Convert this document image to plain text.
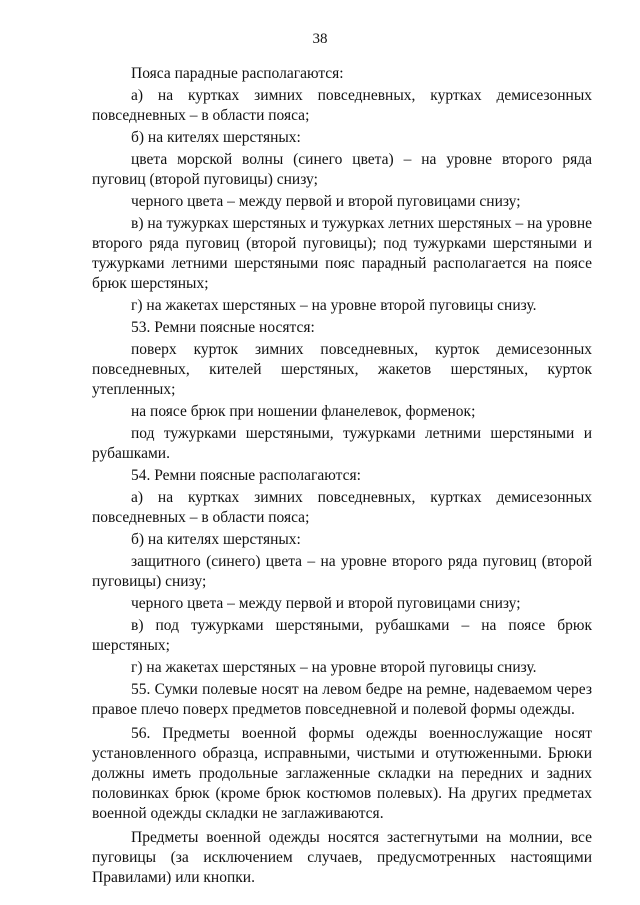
38

Пояса парадные располагаются:

а) на куртках зимних повседневных, куртках демисезонных повседневных – в области пояса;

б) на кителях шерстяных:

цвета морской волны (синего цвета) – на уровне второго ряда пуговиц (второй пуговицы) снизу;

черного цвета – между первой и второй пуговицами снизу;

в) на тужурках шерстяных и тужурках летних шерстяных – на уровне второго ряда пуговиц (второй пуговицы); под тужурками шерстяными и тужурками летними шерстяными пояс парадный располагается на поясе брюк шерстяных;

г) на жакетах шерстяных – на уровне второй пуговицы снизу.

53. Ремни поясные носятся:

поверх курток зимних повседневных, курток демисезонных повседневных, кителей шерстяных, жакетов шерстяных, курток утепленных;

на поясе брюк при ношении фланелевок, форменок;

под тужурками шерстяными, тужурками летними шерстяными и рубашками.

54. Ремни поясные располагаются:

а) на куртках зимних повседневных, куртках демисезонных повседневных – в области пояса;

б) на кителях шерстяных:

защитного (синего) цвета – на уровне второго ряда пуговиц (второй пуговицы) снизу;

черного цвета – между первой и второй пуговицами снизу;

в) под тужурками шерстяными, рубашками – на поясе брюк шерстяных;

г) на жакетах шерстяных – на уровне второй пуговицы снизу.

55. Сумки полевые носят на левом бедре на ремне, надеваемом через правое плечо поверх предметов повседневной и полевой формы одежды.

56. Предметы военной формы одежды военнослужащие носят установленного образца, исправными, чистыми и отутюженными. Брюки должны иметь продольные заглаженные складки на передних и задних половинках брюк (кроме брюк костюмов полевых). На других предметах военной одежды складки не заглаживаются.

Предметы военной одежды носятся застегнутыми на молнии, все пуговицы (за исключением случаев, предусмотренных настоящими Правилами) или кнопки.
